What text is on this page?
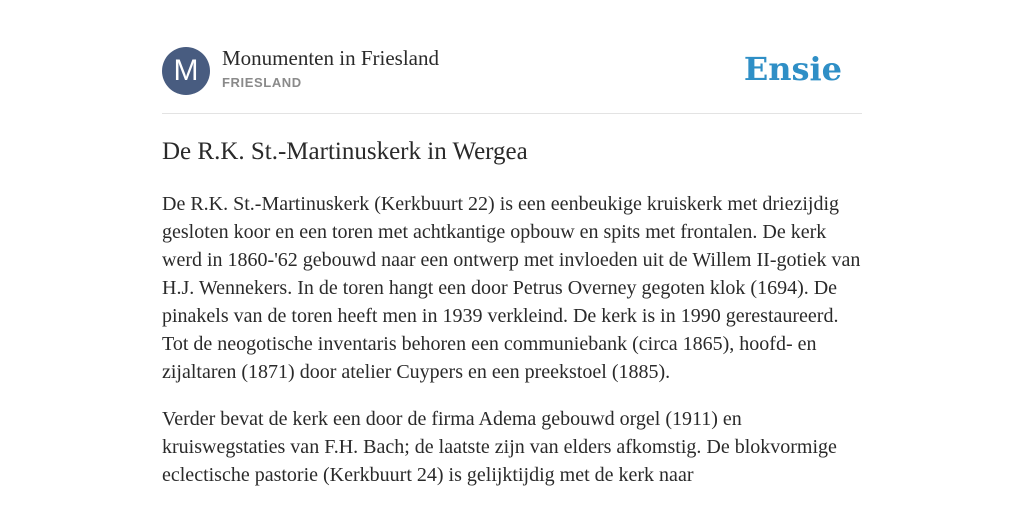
M	Monumenten in Friesland
FRIESLAND	Ensie
De R.K. St.-Martinuskerk in Wergea

De R.K. St.-Martinuskerk (Kerkbuurt 22) is een eenbeukige kruiskerk met driezijdig gesloten koor en een toren met achtkantige opbouw en spits met frontalen. De kerk werd in 1860-'62 gebouwd naar een ontwerp met invloeden uit de Willem II-gotiek van H.J. Wennekers. In de toren hangt een door Petrus Overney gegoten klok (1694). De pinakels van de toren heeft men in 1939 verkleind. De kerk is in 1990 gerestaureerd. Tot de neogotische inventaris behoren een communiebank (circa 1865), hoofd- en zijaltaren (1871) door atelier Cuypers en een preekstoel (1885).

Verder bevat de kerk een door de firma Adema gebouwd orgel (1911) en kruiswegstaties van F.H. Bach; de laatste zijn van elders afkomstig. De blokvormige eclectische pastorie (Kerkbuurt 24) is gelijktijdig met de kerk naar
